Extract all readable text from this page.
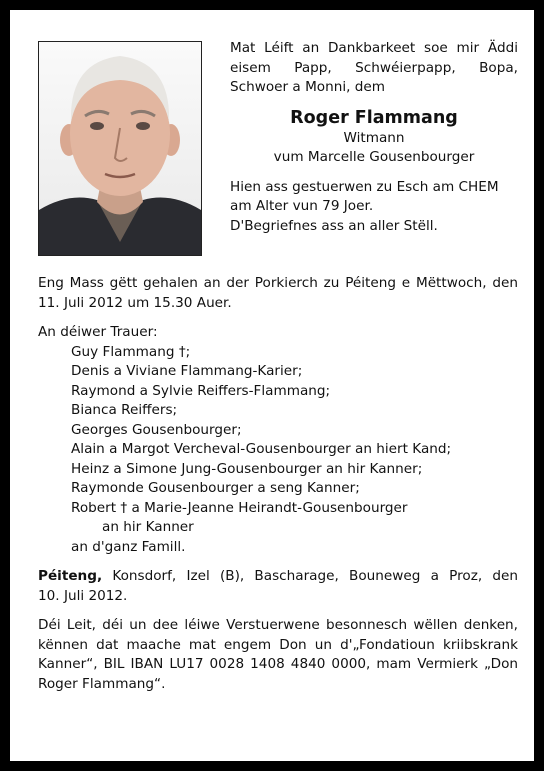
Mat Léift an Dankbarkeet soe mir Äddi

eisem Papp, Schwéierpapp, Bopa,

Schwoer a Monni, dem

Roger Flammang

Witmann

vum Marcelle Gousenbourger

Hien ass gestuerwen zu Esch am CHEM

am Alter vun 79 Joer.

D'Begriefnes ass an aller Stëll.

Eng Mass gëtt gehalen an der Porkierch zu Péiteng e Mëttwoch, den

11. Juli 2012 um 15.30 Auer.

An déiwer Trauer:

Guy Flammang †;

Denis a Viviane Flammang-Karier;

Raymond a Sylvie Reiffers-Flammang;

Bianca Reiffers;

Georges Gousenbourger;

Alain a Margot Vercheval-Gousenbourger an hiert Kand;

Heinz a Simone Jung-Gousenbourger an hir Kanner;

Raymonde Gousenbourger a seng Kanner;

Robert † a Marie-Jeanne Heirandt-Gousenbourger

an hir Kanner

an d'ganz Famill.

Péiteng, Konsdorf, Izel (B), Bascharage, Bouneweg a Proz, den

10. Juli 2012.

Déi Leit, déi un dee léiwe Verstuerwene besonnesch wëllen denken,

kënnen dat maache mat engem Don un d'„Fondatioun kriibskrank

Kanner“, BIL IBAN LU17 0028 1408 4840 0000, mam Vermierk „Don

Roger Flammang“.
